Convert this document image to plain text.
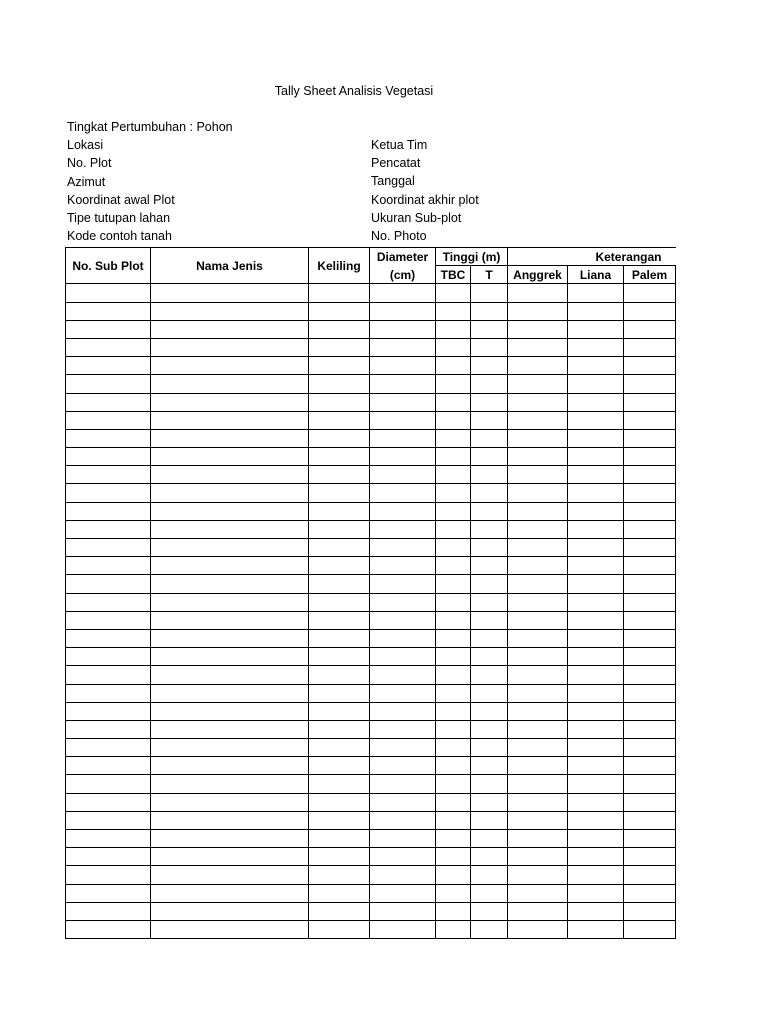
Tally Sheet Analisis Vegetasi
Tingkat Pertumbuhan : Pohon
Lokasi
No. Plot
Azimut
Koordinat awal Plot
Tipe tutupan lahan
Kode contoh tanah
Ketua Tim
Pencatat
Tanggal
Koordinat akhir plot
Ukuran Sub-plot
No. Photo
No. Sub Plot	Nama Jenis	Keliling	Diameter	Tinggi (m)		Keterangan		
			(cm)	TBC	T	Anggrek	Liana	Palem
